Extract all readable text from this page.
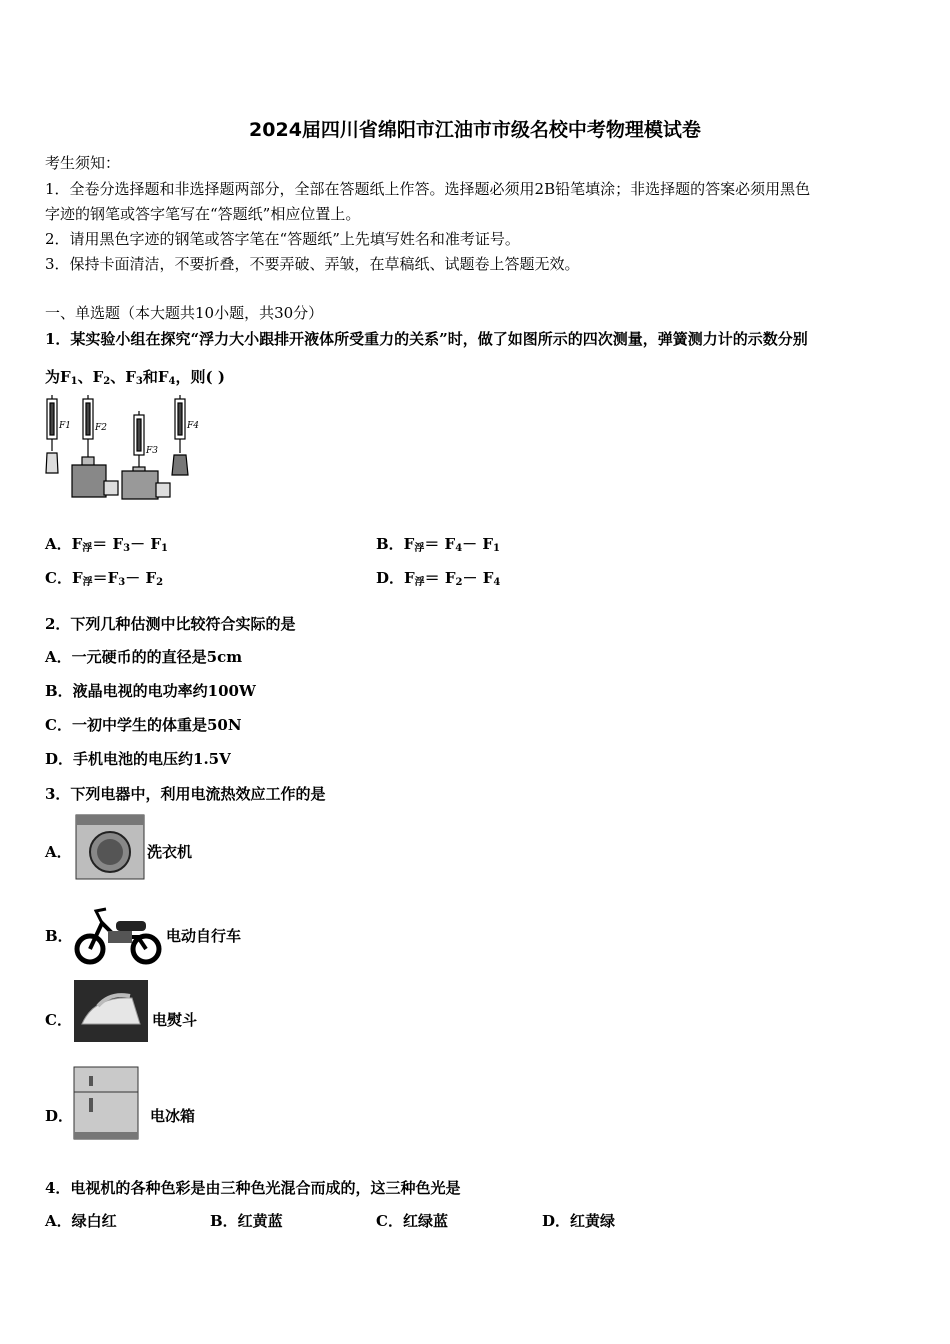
2024届四川省绵阳市江油市市级名校中考物理模试卷
考生须知：
1．全卷分选择题和非选择题两部分，全部在答题纸上作答。选择题必须用2B铅笔填涂；非选择题的答案必须用黑色
字迹的钢笔或答字笔写在“答题纸”相应位置上。
2．请用黑色字迹的钢笔或答字笔在“答题纸”上先填写姓名和准考证号。
3．保持卡面清洁，不要折叠，不要弄破、弄皱，在草稿纸、试题卷上答题无效。
一、单选题（本大题共10小题，共30分）
1．某实验小组在探究“浮力大小跟排开液体所受重力的关系”时，做了如图所示的四次测量，弹簧测力计的示数分别
为$F_1$、$F_2$、$F_3$和$F_4$，则( )
F1	F2
F3
F4
A．$F_浮= F_3- F_1$	B．$F_浮= F_4- F_1$
C．$F_浮=F_3- F_2$	D．$F_浮= F_2- F_4$
2．下列几种估测中比较符合实际的是
A．一元硬币的的直径是5cm
B．液晶电视的电功率约100W
C．一初中学生的体重是50N
D．手机电池的电压约1.5V
3．下列电器中，利用电流热效应工作的是
A．	洗衣机
B．	电动自行车
C．	电熨斗
D．	电冰箱
4．电视机的各种色彩是由三种色光混合而成的，这三种色光是
A．绿白红	B．红黄蓝	C．红绿蓝	D．红黄绿
